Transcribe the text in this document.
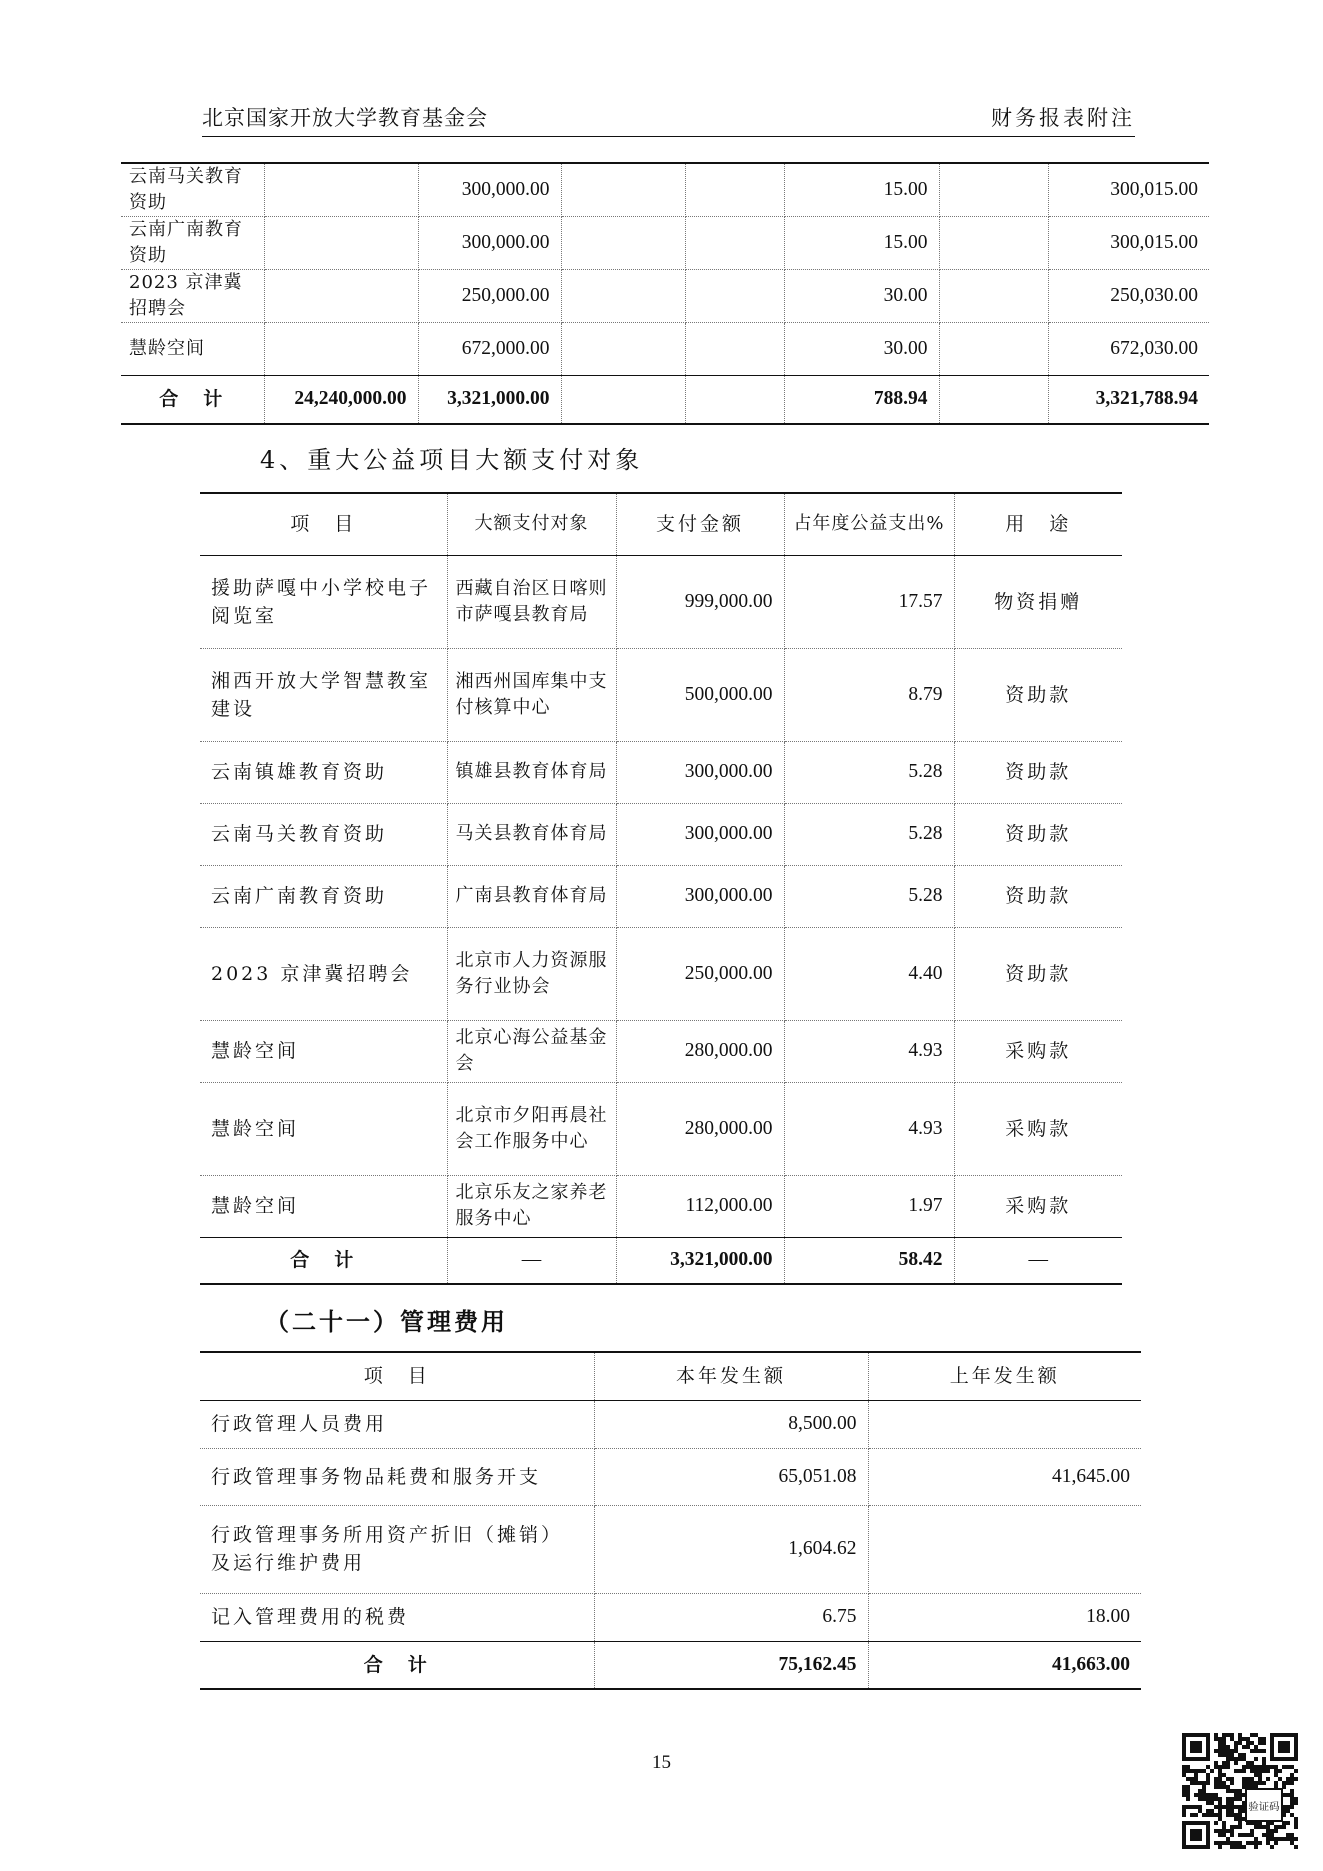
北京国家开放大学教育基金会	财务报表附注
云南马关教育资助		300,000.00			15.00		300,015.00
云南广南教育资助		300,000.00			15.00		300,015.00
2023 京津冀招聘会		250,000.00			30.00		250,030.00
慧龄空间		672,000.00			30.00		672,030.00
合　计	24,240,000.00	3,321,000.00			788.94		3,321,788.94
4、重大公益项目大额支付对象
项　目	大额支付对象	支付金额	占年度公益支出%	用　途
援助萨嘎中小学校电子阅览室	西藏自治区日喀则市萨嘎县教育局	999,000.00	17.57	物资捐赠
湘西开放大学智慧教室建设	湘西州国库集中支付核算中心	500,000.00	8.79	资助款
云南镇雄教育资助	镇雄县教育体育局	300,000.00	5.28	资助款
云南马关教育资助	马关县教育体育局	300,000.00	5.28	资助款
云南广南教育资助	广南县教育体育局	300,000.00	5.28	资助款
2023 京津冀招聘会	北京市人力资源服务行业协会	250,000.00	4.40	资助款
慧龄空间	北京心海公益基金会	280,000.00	4.93	采购款
慧龄空间	北京市夕阳再晨社会工作服务中心	280,000.00	4.93	采购款
慧龄空间	北京乐友之家养老服务中心	112,000.00	1.97	采购款
合　计	—	3,321,000.00	58.42	—
（二十一）管理费用
项　目	本年发生额	上年发生额
行政管理人员费用	8,500.00	
行政管理事务物品耗费和服务开支	65,051.08	41,645.00
行政管理事务所用资产折旧（摊销）及运行维护费用	1,604.62	
记入管理费用的税费	6.75	18.00
合　计	75,162.45	41,663.00
15
验证码
